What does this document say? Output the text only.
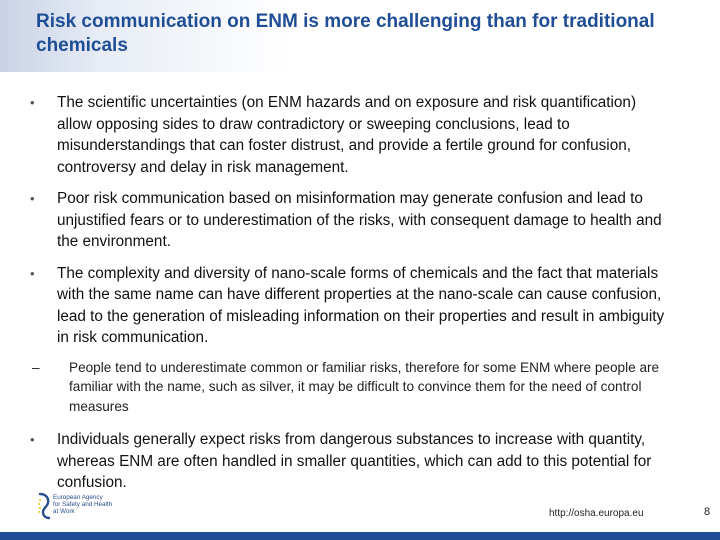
Risk communication on ENM is more challenging than for traditional chemicals
• The scientific uncertainties (on ENM hazards and on exposure and risk quantification) allow opposing sides to draw contradictory or sweeping conclusions, lead to misunderstandings that can foster distrust, and provide a fertile ground for confusion, controversy and delay in risk management.
• Poor risk communication based on misinformation may generate confusion and lead to unjustified fears or to underestimation of the risks, with consequent damage to health and the environment.
• The complexity and diversity of nano-scale forms of chemicals and the fact that materials with the same name can have different properties at the nano-scale can cause confusion, lead to the generation of misleading information on their properties and result in ambiguity in risk communication.
– People tend to underestimate common or familiar risks, therefore for some ENM where people are familiar with the name, such as silver, it may be difficult to convince them for the need of control measures
• Individuals generally expect risks from dangerous substances to increase with quantity, whereas ENM are often handled in smaller quantities, which can add to this potential for confusion.
European Agency
for Safety and Health
at Work	http://osha.europa.eu	8
